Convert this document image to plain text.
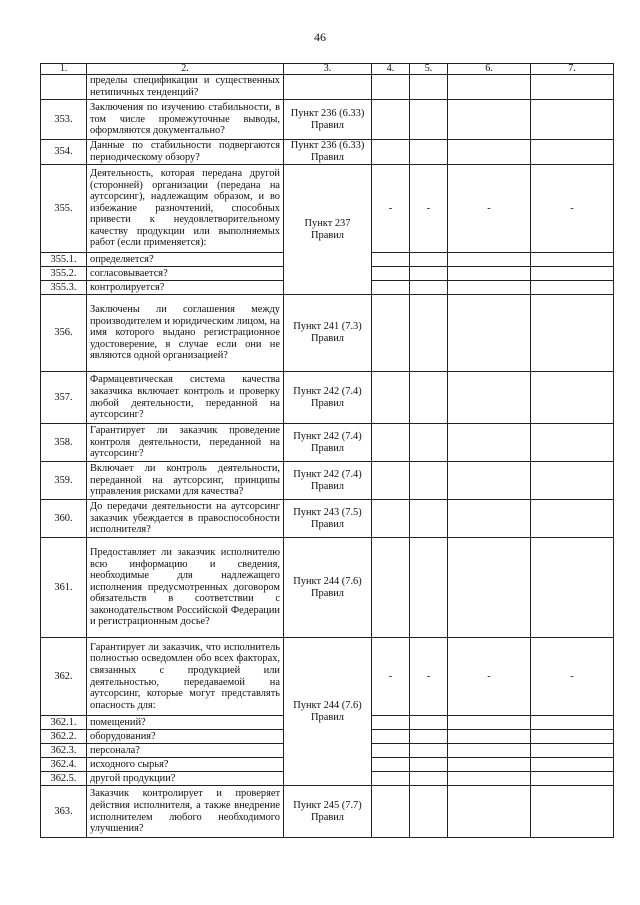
46
1.	2.	3.	4.	5.	6.	7.
	пределы спецификации и существенных нетипичных тенденций?					
353.	Заключения по изучению стабильности, в том числе промежуточные выводы, оформляются документально?	Пункт 236 (6.33) Правил				
354.	Данные по стабильности подвергаются периодическому обзору?	Пункт 236 (6.33) Правил				
355.	Деятельность, которая передана другой (сторонней) организации (передана на аутсорсинг), надлежащим образом, и во избежание разночтений, способных привести к неудовлетворительному качеству продукции или выполняемых работ (если применяется):	Пункт 237 Правил	-	-	-	-
355.1.	определяется?					
355.2.	согласовывается?					
355.3.	контролируется?					
356.	Заключены ли соглашения между производителем и юридическим лицом, на имя которого выдано регистрационное удостоверение, в случае если они не являются одной организацией?	Пункт 241 (7.3) Правил				
357.	Фармацевтическая система качества заказчика включает контроль и проверку любой деятельности, переданной на аутсорсинг?	Пункт 242 (7.4) Правил				
358.	Гарантирует ли заказчик проведение контроля деятельности, переданной на аутсорсинг?	Пункт 242 (7.4) Правил				
359.	Включает ли контроль деятельности, переданной на аутсорсинг, принципы управления рисками для качества?	Пункт 242 (7.4) Правил				
360.	До передачи деятельности на аутсорсинг заказчик убеждается в правоспособности исполнителя?	Пункт 243 (7.5) Правил				
361.	Предоставляет ли заказчик исполнителю всю информацию и сведения, необходимые для надлежащего исполнения предусмотренных договором обязательств в соответствии с законодательством Российской Федерации и регистрационным досье?	Пункт 244 (7.6) Правил				
362.	Гарантирует ли заказчик, что исполнитель полностью осведомлен обо всех факторах, связанных с продукцией или деятельностью, передаваемой на аутсорсинг, которые могут представлять опасность для:	Пункт 244 (7.6) Правил	-	-	-	-
362.1.	помещений?					
362.2.	оборудования?					
362.3.	персонала?					
362.4.	исходного сырья?					
362.5.	другой продукции?					
363.	Заказчик контролирует и проверяет действия исполнителя, а также внедрение исполнителем любого необходимого улучшения?	Пункт 245 (7.7) Правил				
